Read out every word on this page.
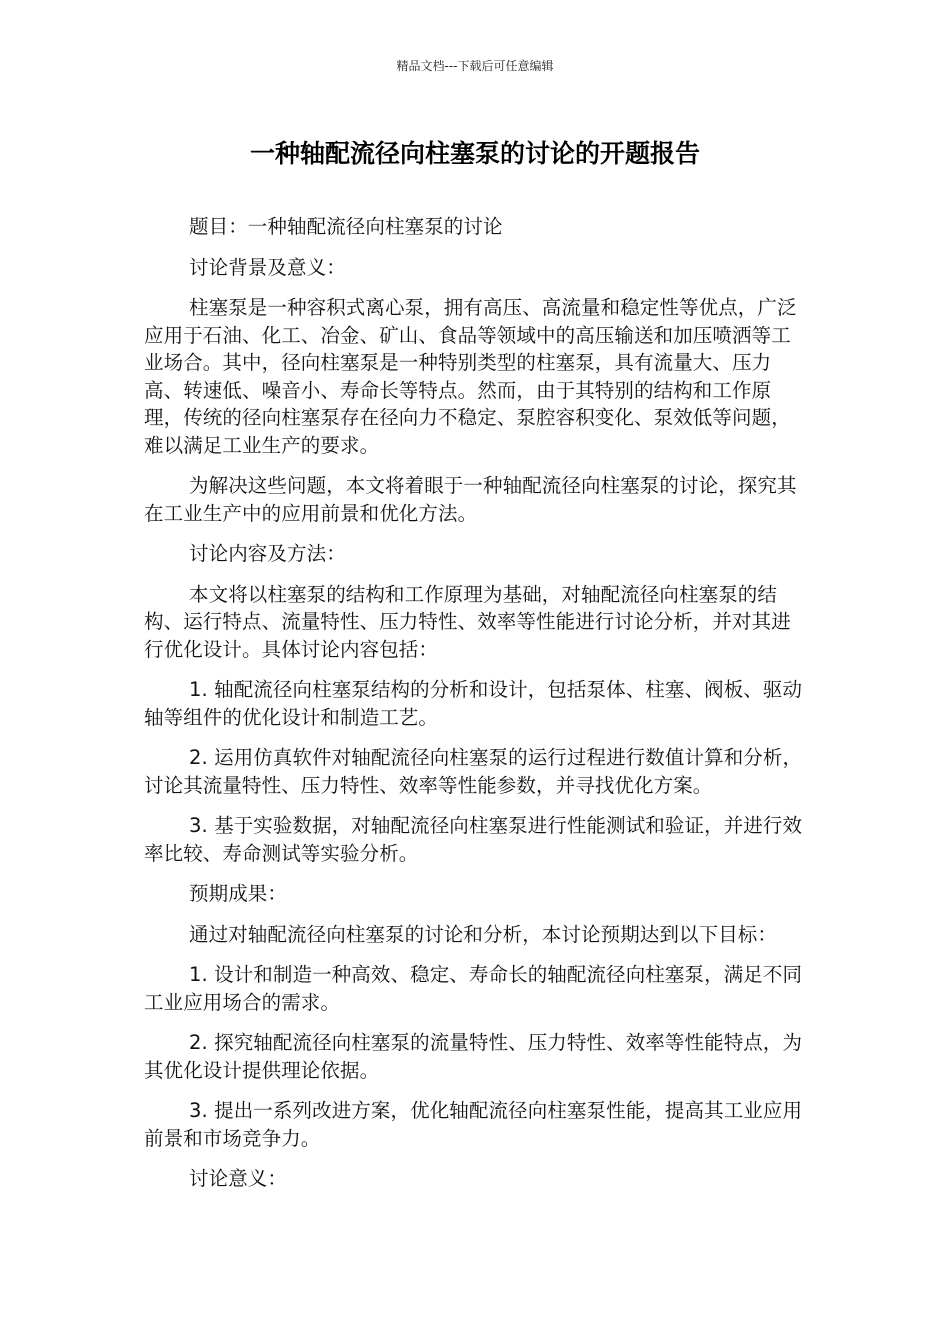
精品文档---下载后可任意编辑
一种轴配流径向柱塞泵的讨论的开题报告

题目：一种轴配流径向柱塞泵的讨论

讨论背景及意义：

柱塞泵是一种容积式离心泵，拥有高压、高流量和稳定性等优点，广泛应用于石油、化工、冶金、矿山、食品等领域中的高压输送和加压喷洒等工业场合。其中，径向柱塞泵是一种特别类型的柱塞泵，具有流量大、压力高、转速低、噪音小、寿命长等特点。然而，由于其特别的结构和工作原理，传统的径向柱塞泵存在径向力不稳定、泵腔容积变化、泵效低等问题，难以满足工业生产的要求。

为解决这些问题，本文将着眼于一种轴配流径向柱塞泵的讨论，探究其在工业生产中的应用前景和优化方法。

讨论内容及方法：

本文将以柱塞泵的结构和工作原理为基础，对轴配流径向柱塞泵的结构、运行特点、流量特性、压力特性、效率等性能进行讨论分析，并对其进行优化设计。具体讨论内容包括：

1. 轴配流径向柱塞泵结构的分析和设计，包括泵体、柱塞、阀板、驱动轴等组件的优化设计和制造工艺。

2. 运用仿真软件对轴配流径向柱塞泵的运行过程进行数值计算和分析，讨论其流量特性、压力特性、效率等性能参数，并寻找优化方案。

3. 基于实验数据，对轴配流径向柱塞泵进行性能测试和验证，并进行效率比较、寿命测试等实验分析。

预期成果：

通过对轴配流径向柱塞泵的讨论和分析，本讨论预期达到以下目标：

1. 设计和制造一种高效、稳定、寿命长的轴配流径向柱塞泵，满足不同工业应用场合的需求。

2. 探究轴配流径向柱塞泵的流量特性、压力特性、效率等性能特点，为其优化设计提供理论依据。

3. 提出一系列改进方案，优化轴配流径向柱塞泵性能，提高其工业应用前景和市场竞争力。

讨论意义：
